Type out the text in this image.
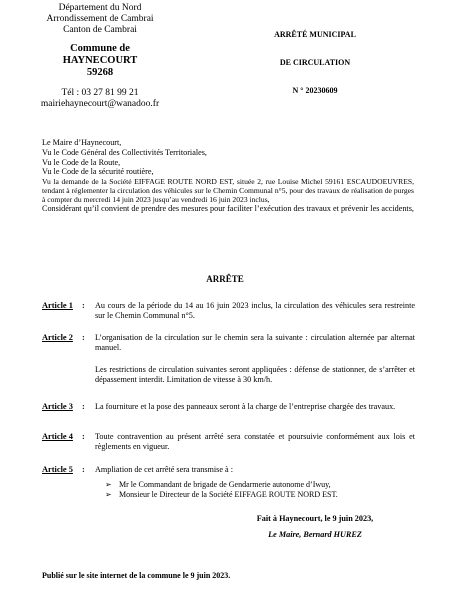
Département du Nord
Arrondissement de Cambrai
Canton de Cambrai
Commune de
HAYNECOURT
59268
Tél : 03 27 81 99 21
mairiehaynecourt@wanadoo.fr
ARRÊTÉ MUNICIPAL
DE CIRCULATION
N ° 20230609
Le Maire d’Haynecourt,
Vu le Code Général des Collectivités Territoriales,
Vu le Code de la Route,
Vu le Code de la sécurité routière,
Vu la demande de la Société EIFFAGE ROUTE NORD EST, située 2, rue Louise Michel 59161 ESCAUDOEUVRES, tendant à réglementer la circulation des véhicules sur le Chemin Communal n°5, pour des travaux de réalisation de purges à compter du mercredi 14 juin 2023 jusqu’au vendredi 16 juin 2023 inclus,
Considérant qu’il convient de prendre des mesures pour faciliter l’exécution des travaux et prévenir les accidents,
ARRÊTE
Article 1 : Au cours de la période du 14 au 16 juin 2023 inclus, la circulation des véhicules sera restreinte sur le Chemin Communal n°5.
Article 2 : L’organisation de la circulation sur le chemin sera la suivante : circulation alternée par alternat manuel.
Les restrictions de circulation suivantes seront appliquées : défense de stationner, de s’arrêter et dépassement interdit. Limitation de vitesse à 30 km/h.
Article 3 : La fourniture et la pose des panneaux seront à la charge de l’entreprise chargée des travaux.
Article 4 : Toute contravention au présent arrêté sera constatée et poursuivie conformément aux lois et règlements en vigueur.
Article 5 : Ampliation de cet arrêté sera transmise à :
➢ Mr le Commandant de brigade de Gendarmerie autonome d’Iwuy,
➢ Monsieur le Directeur de la Société EIFFAGE ROUTE NORD EST.
Fait à Haynecourt, le 9 juin 2023,
Le Maire, Bernard HUREZ
Publié sur le site internet de la commune le 9 juin 2023.
